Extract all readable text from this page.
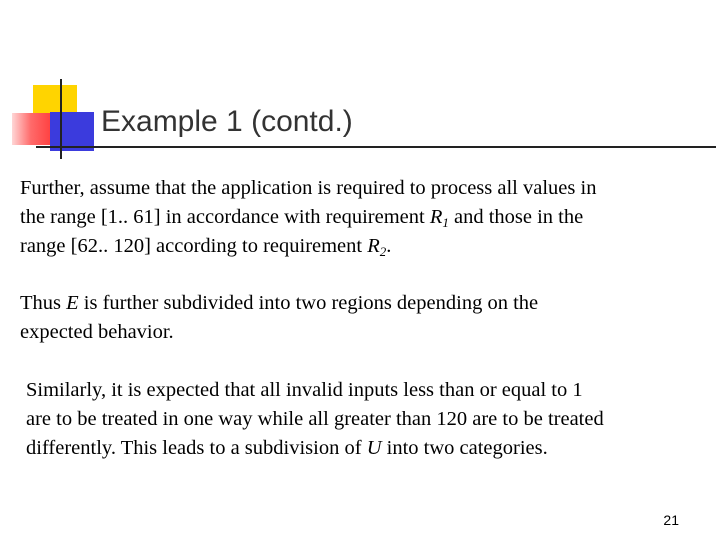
Example 1 (contd.)

Further, assume that the application is required to process all values in
the range [1.. 61] in accordance with requirement $R_1$ and those in the
range [62.. 120] according to requirement $R_2$.

Thus E is further subdivided into two regions depending on the
expected behavior.

Similarly, it is expected that all invalid inputs less than or equal to 1
are to be treated in one way while all greater than 120 are to be treated
differently. This leads to a subdivision of U into two categories.

21
